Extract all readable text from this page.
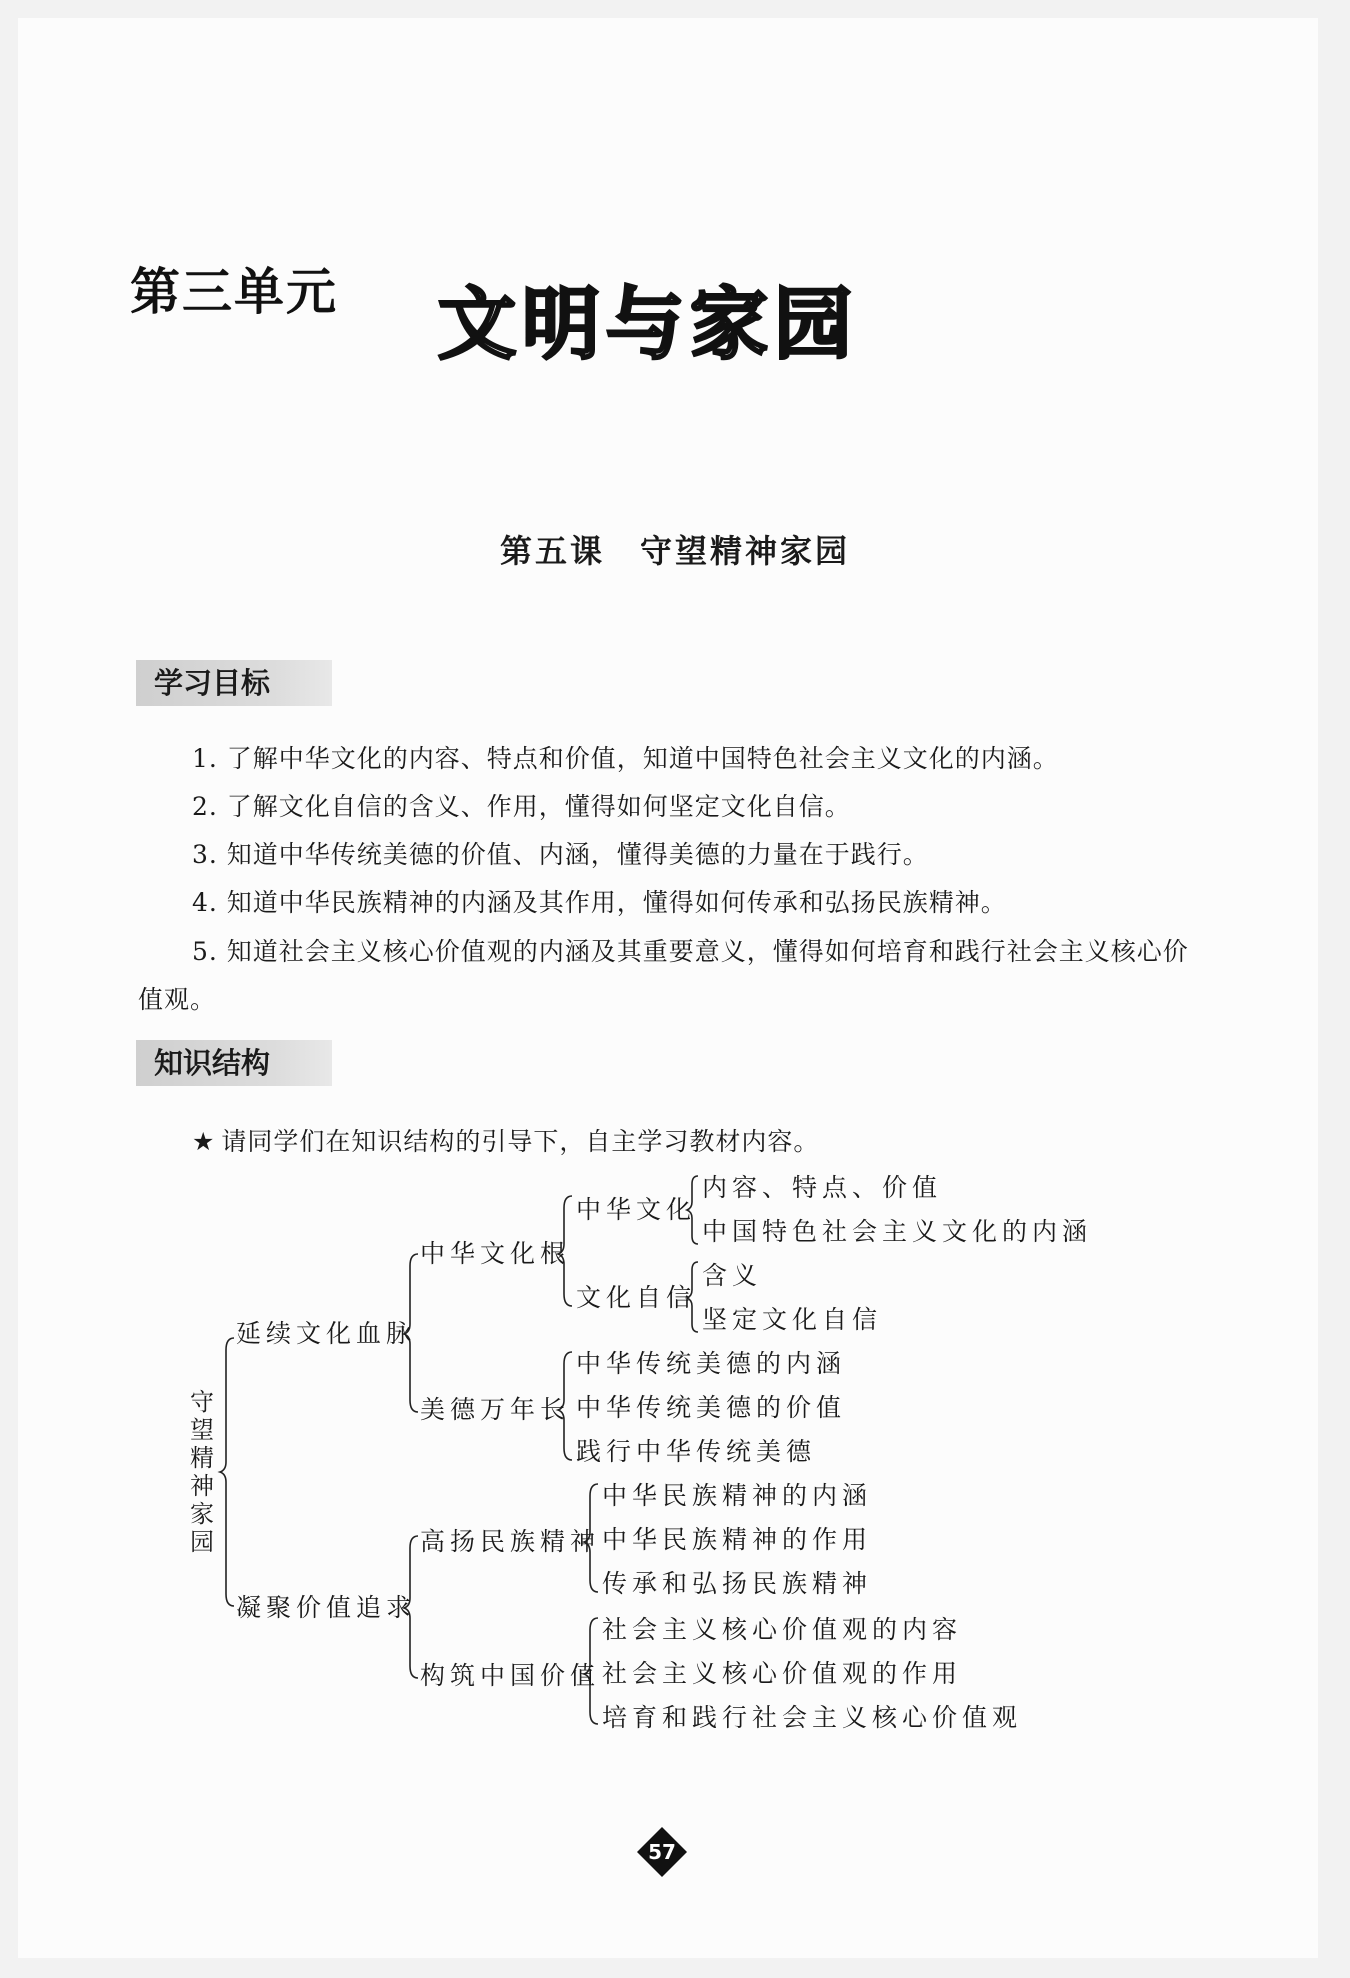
第三单元 文明与家园
第五课　守望精神家园
学习目标
1. 了解中华文化的内容、特点和价值，知道中国特色社会主义文化的内涵。
2. 了解文化自信的含义、作用，懂得如何坚定文化自信。
3. 知道中华传统美德的价值、内涵，懂得美德的力量在于践行。
4. 知道中华民族精神的内涵及其作用，懂得如何传承和弘扬民族精神。
5. 知道社会主义核心价值观的内涵及其重要意义，懂得如何培育和践行社会主义核心价值观。
知识结构
★ 请同学们在知识结构的引导下，自主学习教材内容。
守
望
精
神
家
园
延续文化血脉
凝聚价值追求
中华文化根
美德万年长
高扬民族精神
构筑中国价值
中华文化
文化自信
内容、特点、价值
中国特色社会主义文化的内涵
含义
坚定文化自信
中华传统美德的内涵
中华传统美德的价值
践行中华传统美德
中华民族精神的内涵
中华民族精神的作用
传承和弘扬民族精神
社会主义核心价值观的内容
社会主义核心价值观的作用
培育和践行社会主义核心价值观
57
